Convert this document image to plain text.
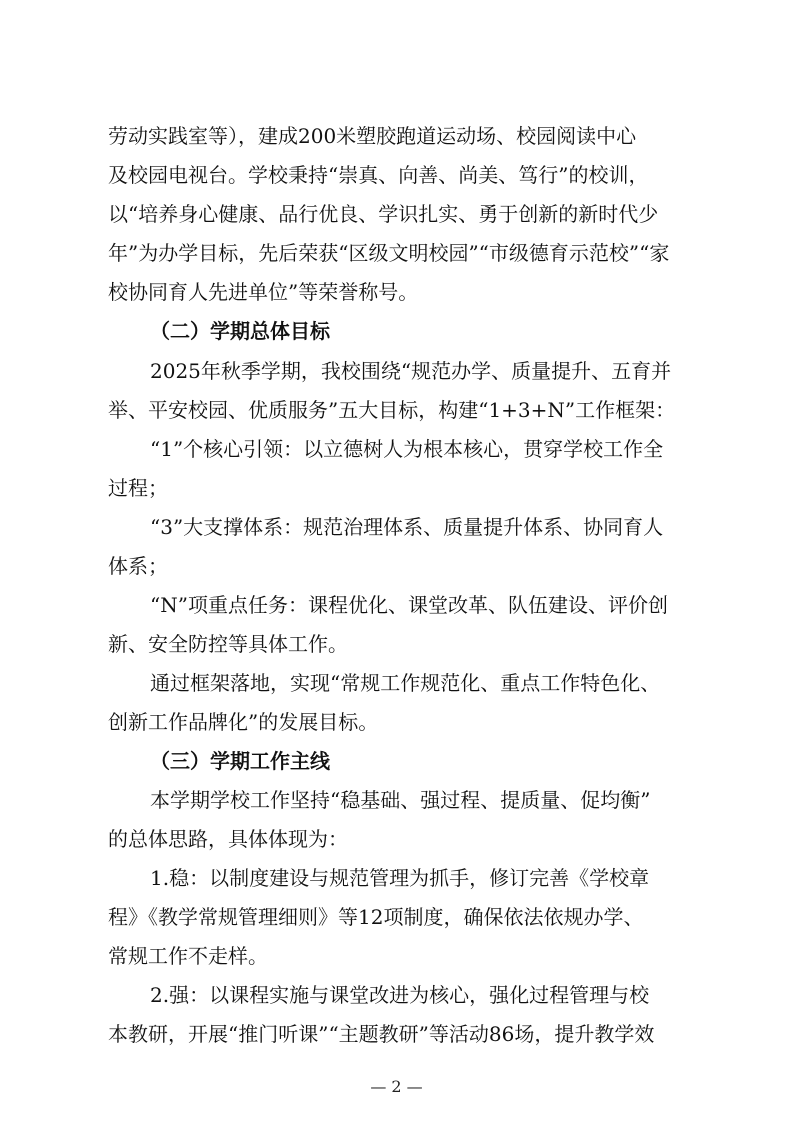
劳动实践室等），建成200米塑胶跑道运动场、校园阅读中心
及校园电视台。学校秉持“崇真、向善、尚美、笃行”的校训，
以“培养身心健康、品行优良、学识扎实、勇于创新的新时代少
年”为办学目标，先后荣获“区级文明校园”“市级德育示范校”“家
校协同育人先进单位”等荣誉称号。
（二）学期总体目标
2025年秋季学期，我校围绕“规范办学、质量提升、五育并
举、平安校园、优质服务”五大目标，构建“1+3+N”工作框架：
“1”个核心引领：以立德树人为根本核心，贯穿学校工作全
过程；
“3”大支撑体系：规范治理体系、质量提升体系、协同育人
体系；
“N”项重点任务：课程优化、课堂改革、队伍建设、评价创
新、安全防控等具体工作。
通过框架落地，实现“常规工作规范化、重点工作特色化、
创新工作品牌化”的发展目标。
（三）学期工作主线
本学期学校工作坚持“稳基础、强过程、提质量、促均衡”
的总体思路，具体体现为：
1.稳：以制度建设与规范管理为抓手，修订完善《学校章
程》《教学常规管理细则》等12项制度，确保依法依规办学、
常规工作不走样。
2.强：以课程实施与课堂改进为核心，强化过程管理与校
本教研，开展“推门听课”“主题教研”等活动86场，提升教学效
— 2 —
